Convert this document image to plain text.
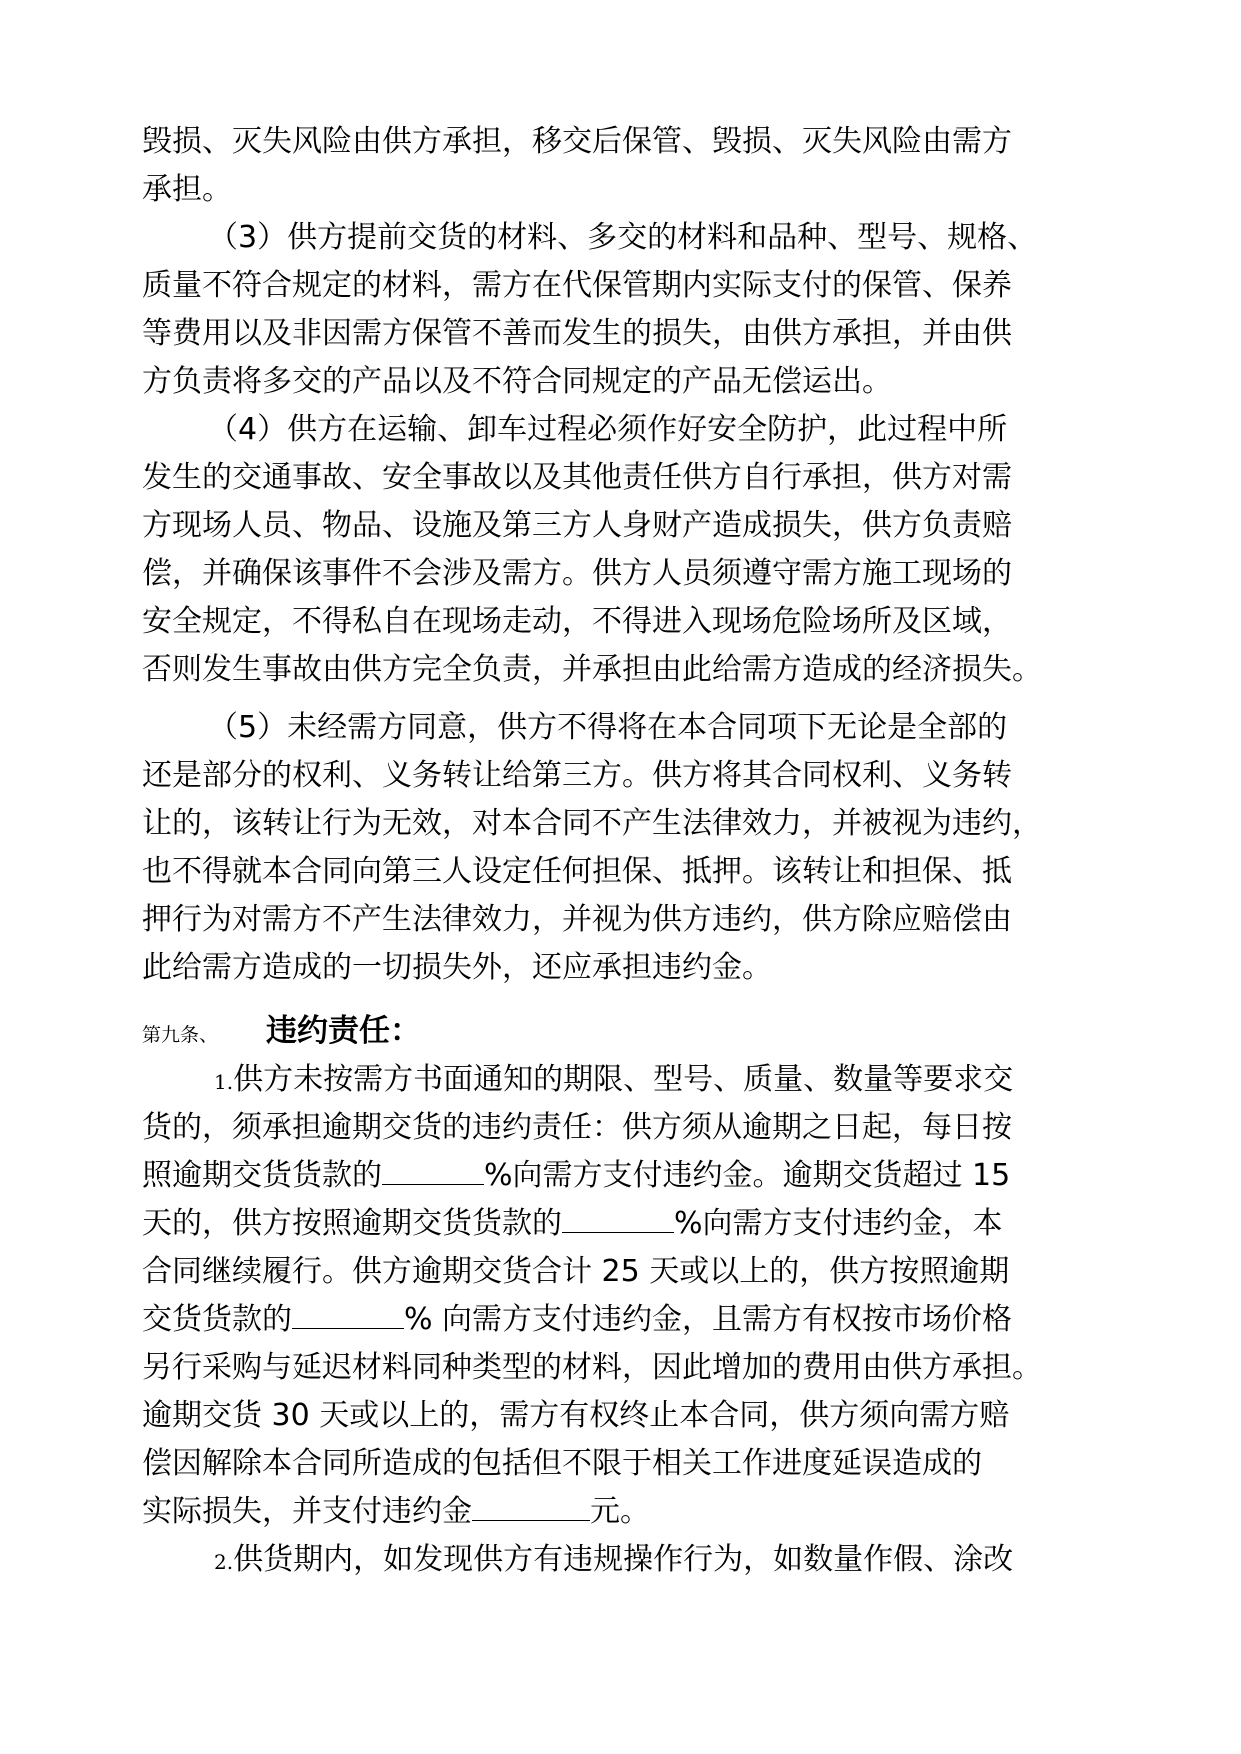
毁损、灭失风险由供方承担，移交后保管、毁损、灭失风险由需方
承担。
（3）供方提前交货的材料、多交的材料和品种、型号、规格、
质量不符合规定的材料，需方在代保管期内实际支付的保管、保养
等费用以及非因需方保管不善而发生的损失，由供方承担，并由供
方负责将多交的产品以及不符合同规定的产品无偿运出。
（4）供方在运输、卸车过程必须作好安全防护，此过程中所
发生的交通事故、安全事故以及其他责任供方自行承担，供方对需
方现场人员、物品、设施及第三方人身财产造成损失，供方负责赔
偿，并确保该事件不会涉及需方。供方人员须遵守需方施工现场的
安全规定，不得私自在现场走动，不得进入现场危险场所及区域，
否则发生事故由供方完全负责，并承担由此给需方造成的经济损失。
（5）未经需方同意，供方不得将在本合同项下无论是全部的
还是部分的权利、义务转让给第三方。供方将其合同权利、义务转
让的，该转让行为无效，对本合同不产生法律效力，并被视为违约，
也不得就本合同向第三人设定任何担保、抵押。该转让和担保、抵
押行为对需方不产生法律效力，并视为供方违约，供方除应赔偿由
此给需方造成的一切损失外，还应承担违约金。
第九条、 违约责任：
1.供方未按需方书面通知的期限、型号、质量、数量等要求交
货的，须承担逾期交货的违约责任：供方须从逾期之日起，每日按
照逾期交货货款的	%向需方支付违约金。逾期交货超过 15
天的，供方按照逾期交货货款的	%向需方支付违约金，本
合同继续履行。供方逾期交货合计 25 天或以上的，供方按照逾期
交货货款的	% 向需方支付违约金，且需方有权按市场价格
另行采购与延迟材料同种类型的材料，因此增加的费用由供方承担。
逾期交货 30 天或以上的，需方有权终止本合同，供方须向需方赔
偿因解除本合同所造成的包括但不限于相关工作进度延误造成的
实际损失，并支付违约金	元。
2.供货期内，如发现供方有违规操作行为，如数量作假、涂改
